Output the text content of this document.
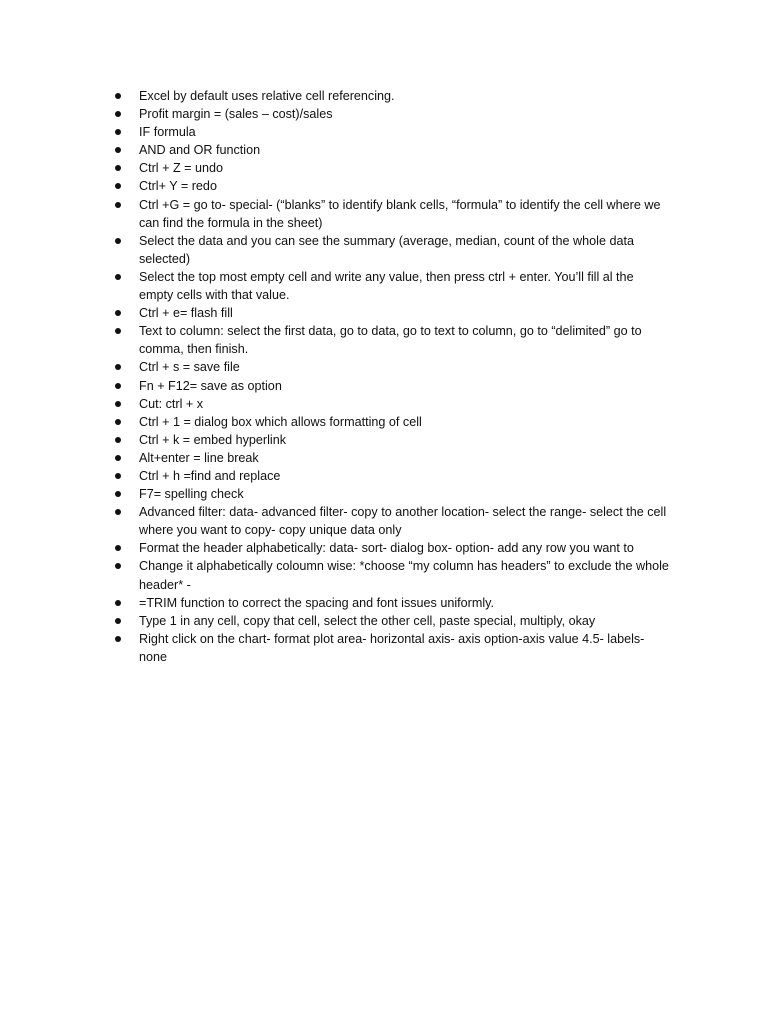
Excel by default uses relative cell referencing.
Profit margin = (sales – cost)/sales
IF formula
AND and OR function
Ctrl + Z = undo
Ctrl+ Y = redo
Ctrl +G = go to- special- (“blanks” to identify blank cells, “formula” to identify the cell where we can find the formula in the sheet)
Select the data and you can see the summary (average, median, count of the whole data selected)
Select the top most empty cell and write any value, then press ctrl + enter. You’ll fill al the empty cells with that value.
Ctrl + e= flash fill
Text to column: select the first data, go to data, go to text to column, go to “delimited” go to comma, then finish.
Ctrl + s = save file
Fn + F12= save as option
Cut: ctrl + x
Ctrl + 1 = dialog box which allows formatting of cell
Ctrl + k = embed hyperlink
Alt+enter = line break
Ctrl + h =find and replace
F7= spelling check
Advanced filter: data- advanced filter- copy to another location- select the range- select the cell where you want to copy- copy unique data only
Format the header alphabetically: data- sort- dialog box- option- add any row you want to
Change it alphabetically coloumn wise: *choose “my column has headers” to exclude the whole header* -
=TRIM function to correct the spacing and font issues uniformly.
Type 1 in any cell, copy that cell, select the other cell, paste special, multiply, okay
Right click on the chart- format plot area- horizontal axis- axis option-axis value 4.5- labels-none
